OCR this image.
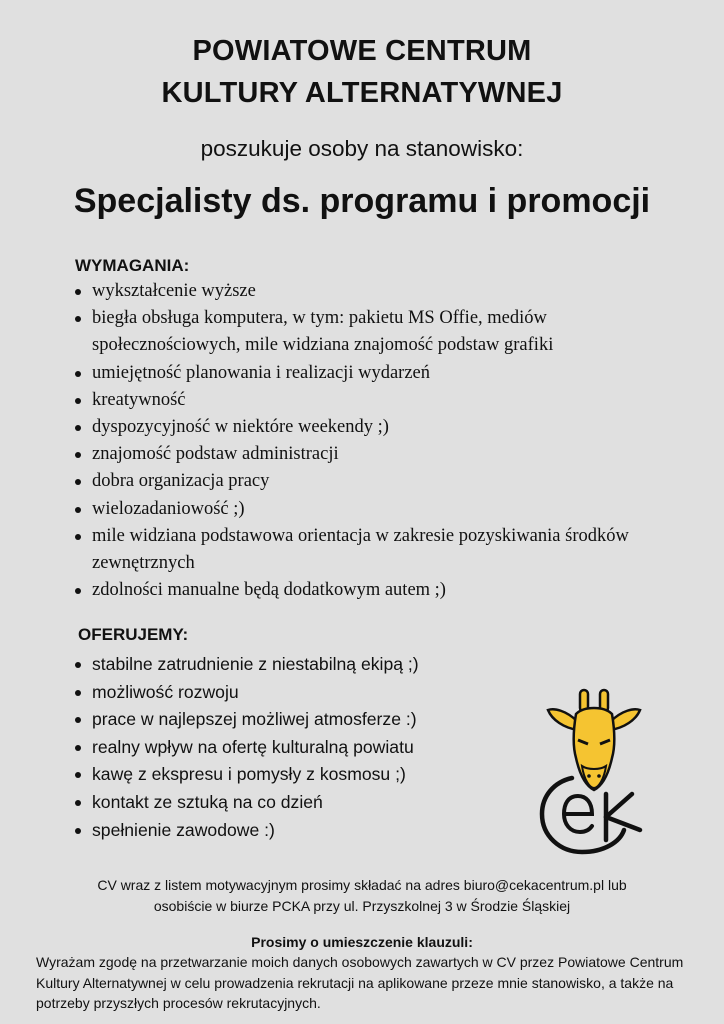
POWIATOWE CENTRUM
KULTURY ALTERNATYWNEJ
poszukuje osoby na stanowisko:
Specjalisty ds. programu i promocji
WYMAGANIA:
wykształcenie wyższe
biegła obsługa komputera, w tym: pakietu MS Offie, mediów społecznościowych, mile widziana znajomość podstaw grafiki
umiejętność planowania i realizacji wydarzeń
kreatywność
dyspozycyjność w niektóre weekendy ;)
znajomość podstaw administracji
dobra organizacja pracy
wielozadaniowość ;)
mile widziana podstawowa orientacja w zakresie pozyskiwania środków zewnętrznych
zdolności manualne będą dodatkowym autem ;)
OFERUJEMY:
stabilne zatrudnienie z niestabilną ekipą ;)
możliwość rozwoju
prace w najlepszej możliwej atmosferze :)
realny wpływ na ofertę kulturalną powiatu
kawę z ekspresu i pomysły z kosmosu ;)
kontakt ze sztuką na co dzień
spełnienie zawodowe :)
CV wraz z listem motywacyjnym prosimy składać na adres biuro@cekacentrum.pl lub
osobiście w biurze PCKA przy ul. Przyszkolnej 3 w Środzie Śląskiej
Prosimy o umieszczenie klauzuli:
Wyrażam zgodę na przetwarzanie moich danych osobowych zawartych w CV przez Powiatowe Centrum Kultury Alternatywnej w celu prowadzenia rekrutacji na aplikowane przeze mnie stanowisko, a także na potrzeby przyszłych procesów rekrutacyjnych.
